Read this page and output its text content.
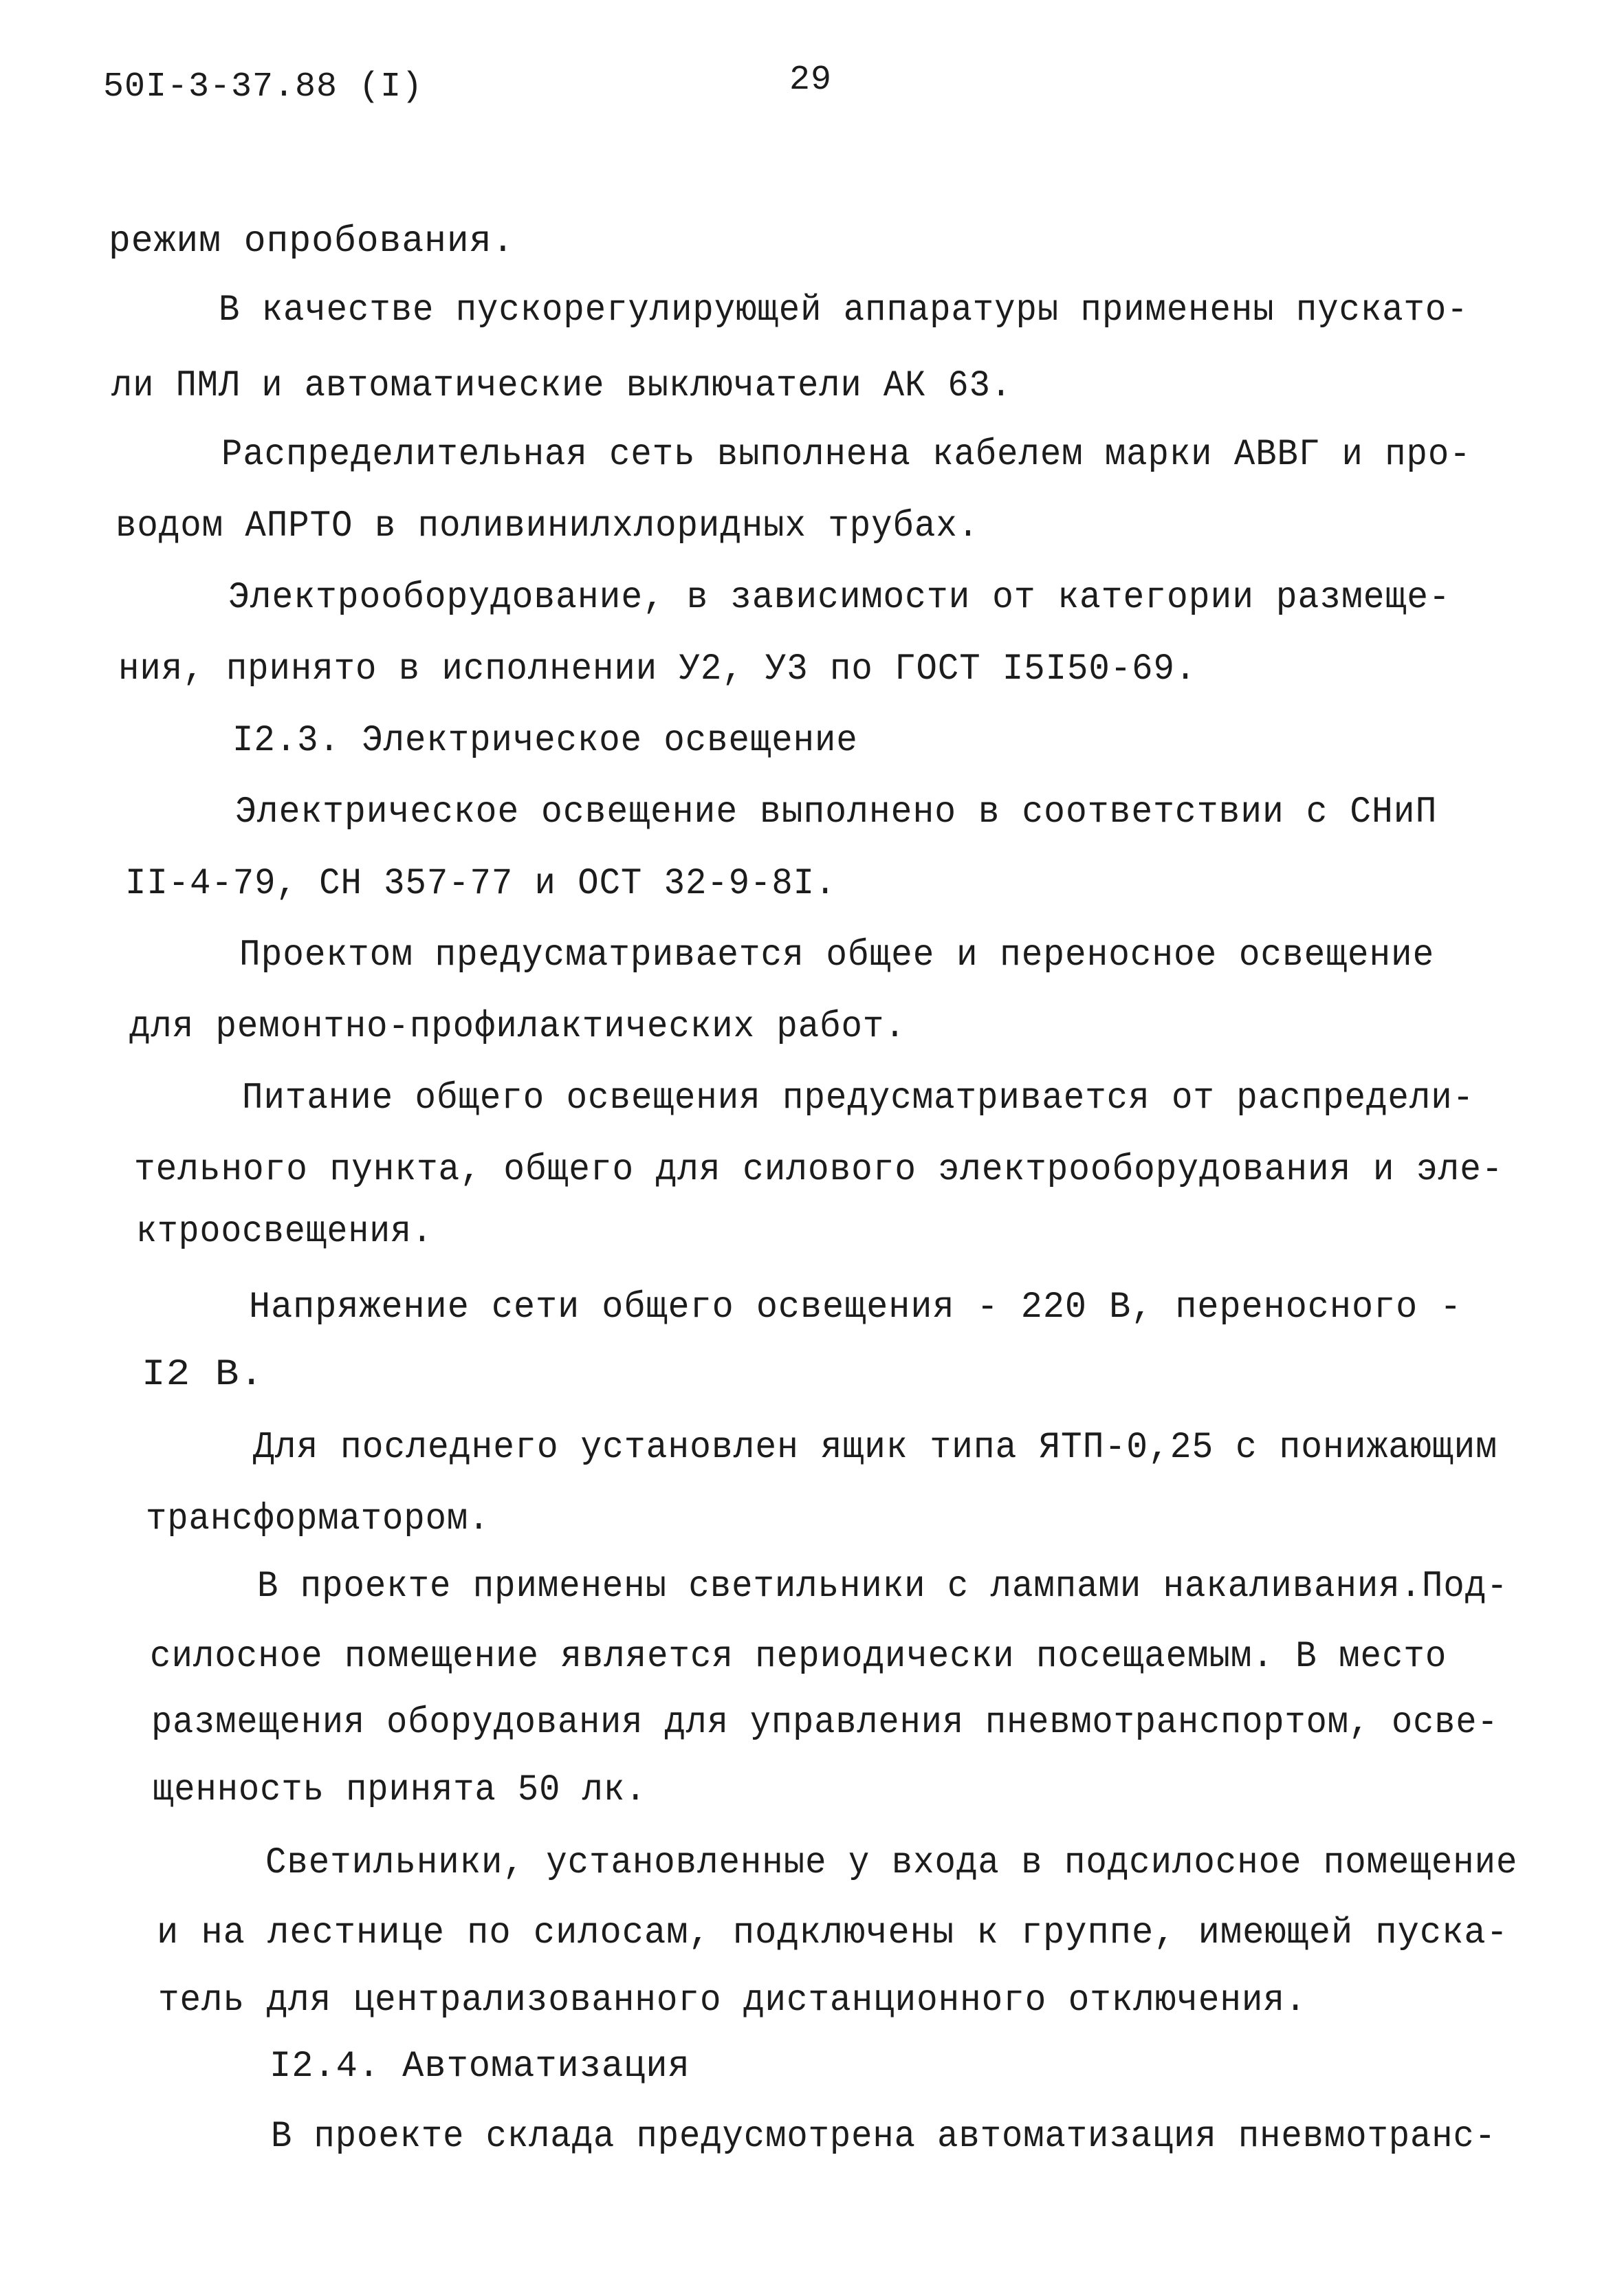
50I-3-37.88 (I)	29
режим опробования.
В качестве пускорегулирующей аппаратуры применены пускато-
ли ПМЛ и автоматические выключатели АК 63.
Распределительная сеть выполнена кабелем марки АВВГ и про-
водом АПРТО в поливинилхлоридных трубах.
Электрооборудование, в зависимости от категории размеще-
ния, принято в исполнении У2, У3 по ГОСТ I5I50-69.
I2.3. Электрическое освещение
Электрическое освещение выполнено в соответствии с СНиП
II-4-79, СН 357-77 и ОСТ 32-9-8I.
Проектом предусматривается общее и переносное освещение
для ремонтно-профилактических работ.
Питание общего освещения предусматривается от распредели-
тельного пункта, общего для силового электрооборудования и эле-
ктроосвещения.
Напряжение сети общего освещения - 220 В, переносного -
I2 В.
Для последнего установлен ящик типа ЯТП-0,25 с понижающим
трансформатором.
В проекте применены светильники с лампами накаливания.Под-
силосное помещение является периодически посещаемым. В место
размещения оборудования для управления пневмотранспортом, осве-
щенность принята 50 лк.
Светильники, установленные у входа в подсилосное помещение
и на лестнице по силосам, подключены к группе, имеющей пуска-
тель для централизованного дистанционного отключения.
I2.4. Автоматизация
В проекте склада предусмотрена автоматизация пневмотранс-
